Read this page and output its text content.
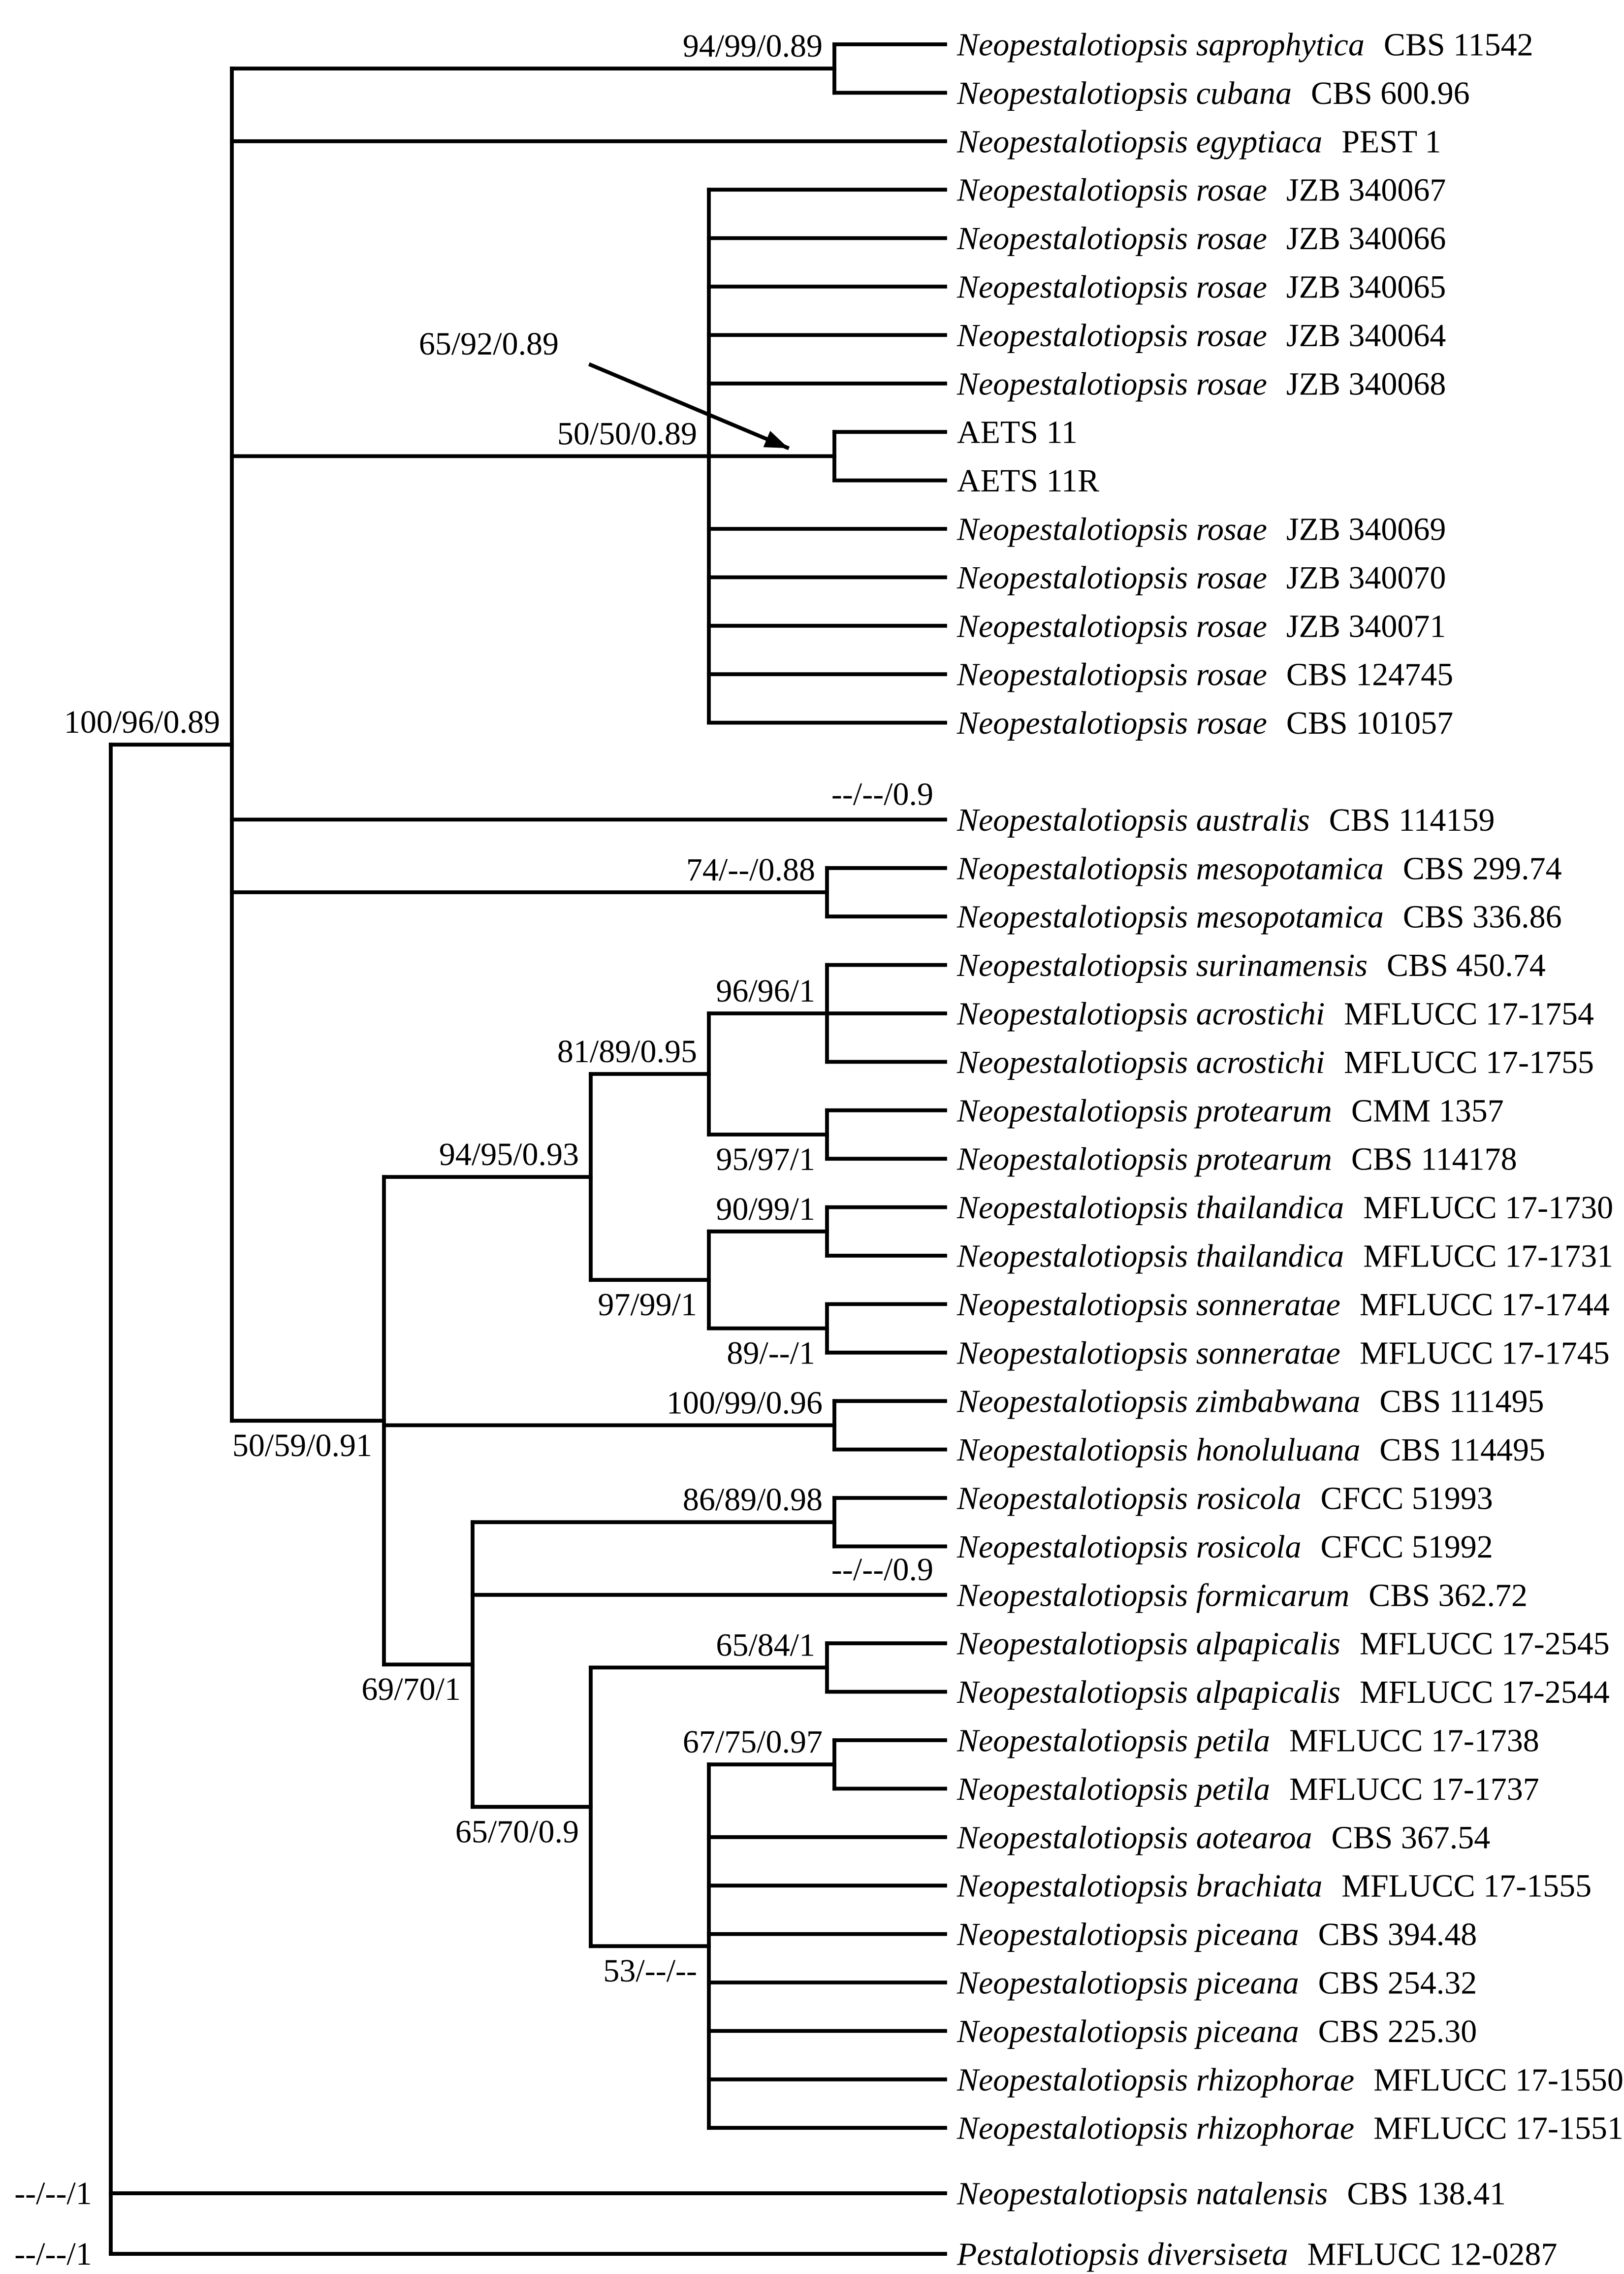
100/96/0.89
94/99/0.89	Neopestalotiopsis saprophytica CBS 11542
Neopestalotiopsis cubana CBS 600.96
Neopestalotiopsis egyptiaca PEST 1
50/50/0.89
Neopestalotiopsis rosae JZB 340067
Neopestalotiopsis rosae JZB 340066
Neopestalotiopsis rosae JZB 340065
Neopestalotiopsis rosae JZB 340064
Neopestalotiopsis rosae JZB 340068
AETS 11
AETS 11R
Neopestalotiopsis rosae JZB 340069
Neopestalotiopsis rosae JZB 340070
Neopestalotiopsis rosae JZB 340071
Neopestalotiopsis rosae CBS 124745
Neopestalotiopsis rosae CBS 101057
Neopestalotiopsis australis CBS 114159
--/--/0.9
74/--/0.88	Neopestalotiopsis mesopotamica CBS 299.74
Neopestalotiopsis mesopotamica CBS 336.86
50/59/0.91
94/95/0.93
81/89/0.95
96/96/1
Neopestalotiopsis surinamensis CBS 450.74
Neopestalotiopsis acrostichi MFLUCC 17-1754
Neopestalotiopsis acrostichi MFLUCC 17-1755
95/97/1
Neopestalotiopsis protearum CMM 1357
Neopestalotiopsis protearum CBS 114178
97/99/1
90/99/1	Neopestalotiopsis thailandica MFLUCC 17-1730
Neopestalotiopsis thailandica MFLUCC 17-1731
89/--/1
Neopestalotiopsis sonneratae MFLUCC 17-1744
Neopestalotiopsis sonneratae MFLUCC 17-1745
100/99/0.96	Neopestalotiopsis zimbabwana CBS 111495
Neopestalotiopsis honoluluana CBS 114495
69/70/1
86/89/0.98	Neopestalotiopsis rosicola CFCC 51993
Neopestalotiopsis rosicola CFCC 51992
Neopestalotiopsis formicarum CBS 362.72
--/--/0.9
65/70/0.9
65/84/1	Neopestalotiopsis alpapicalis MFLUCC 17-2545
Neopestalotiopsis alpapicalis MFLUCC 17-2544
53/--/--
67/75/0.97	Neopestalotiopsis petila MFLUCC 17-1738
Neopestalotiopsis petila MFLUCC 17-1737
Neopestalotiopsis aotearoa CBS 367.54
Neopestalotiopsis brachiata MFLUCC 17-1555
Neopestalotiopsis piceana CBS 394.48
Neopestalotiopsis piceana CBS 254.32
Neopestalotiopsis piceana CBS 225.30
Neopestalotiopsis rhizophorae MFLUCC 17-1550
Neopestalotiopsis rhizophorae MFLUCC 17-1551
Neopestalotiopsis natalensis CBS 138.41
Pestalotiopsis diversiseta MFLUCC 12-0287
65/92/0.89
--/--/1
--/--/1
